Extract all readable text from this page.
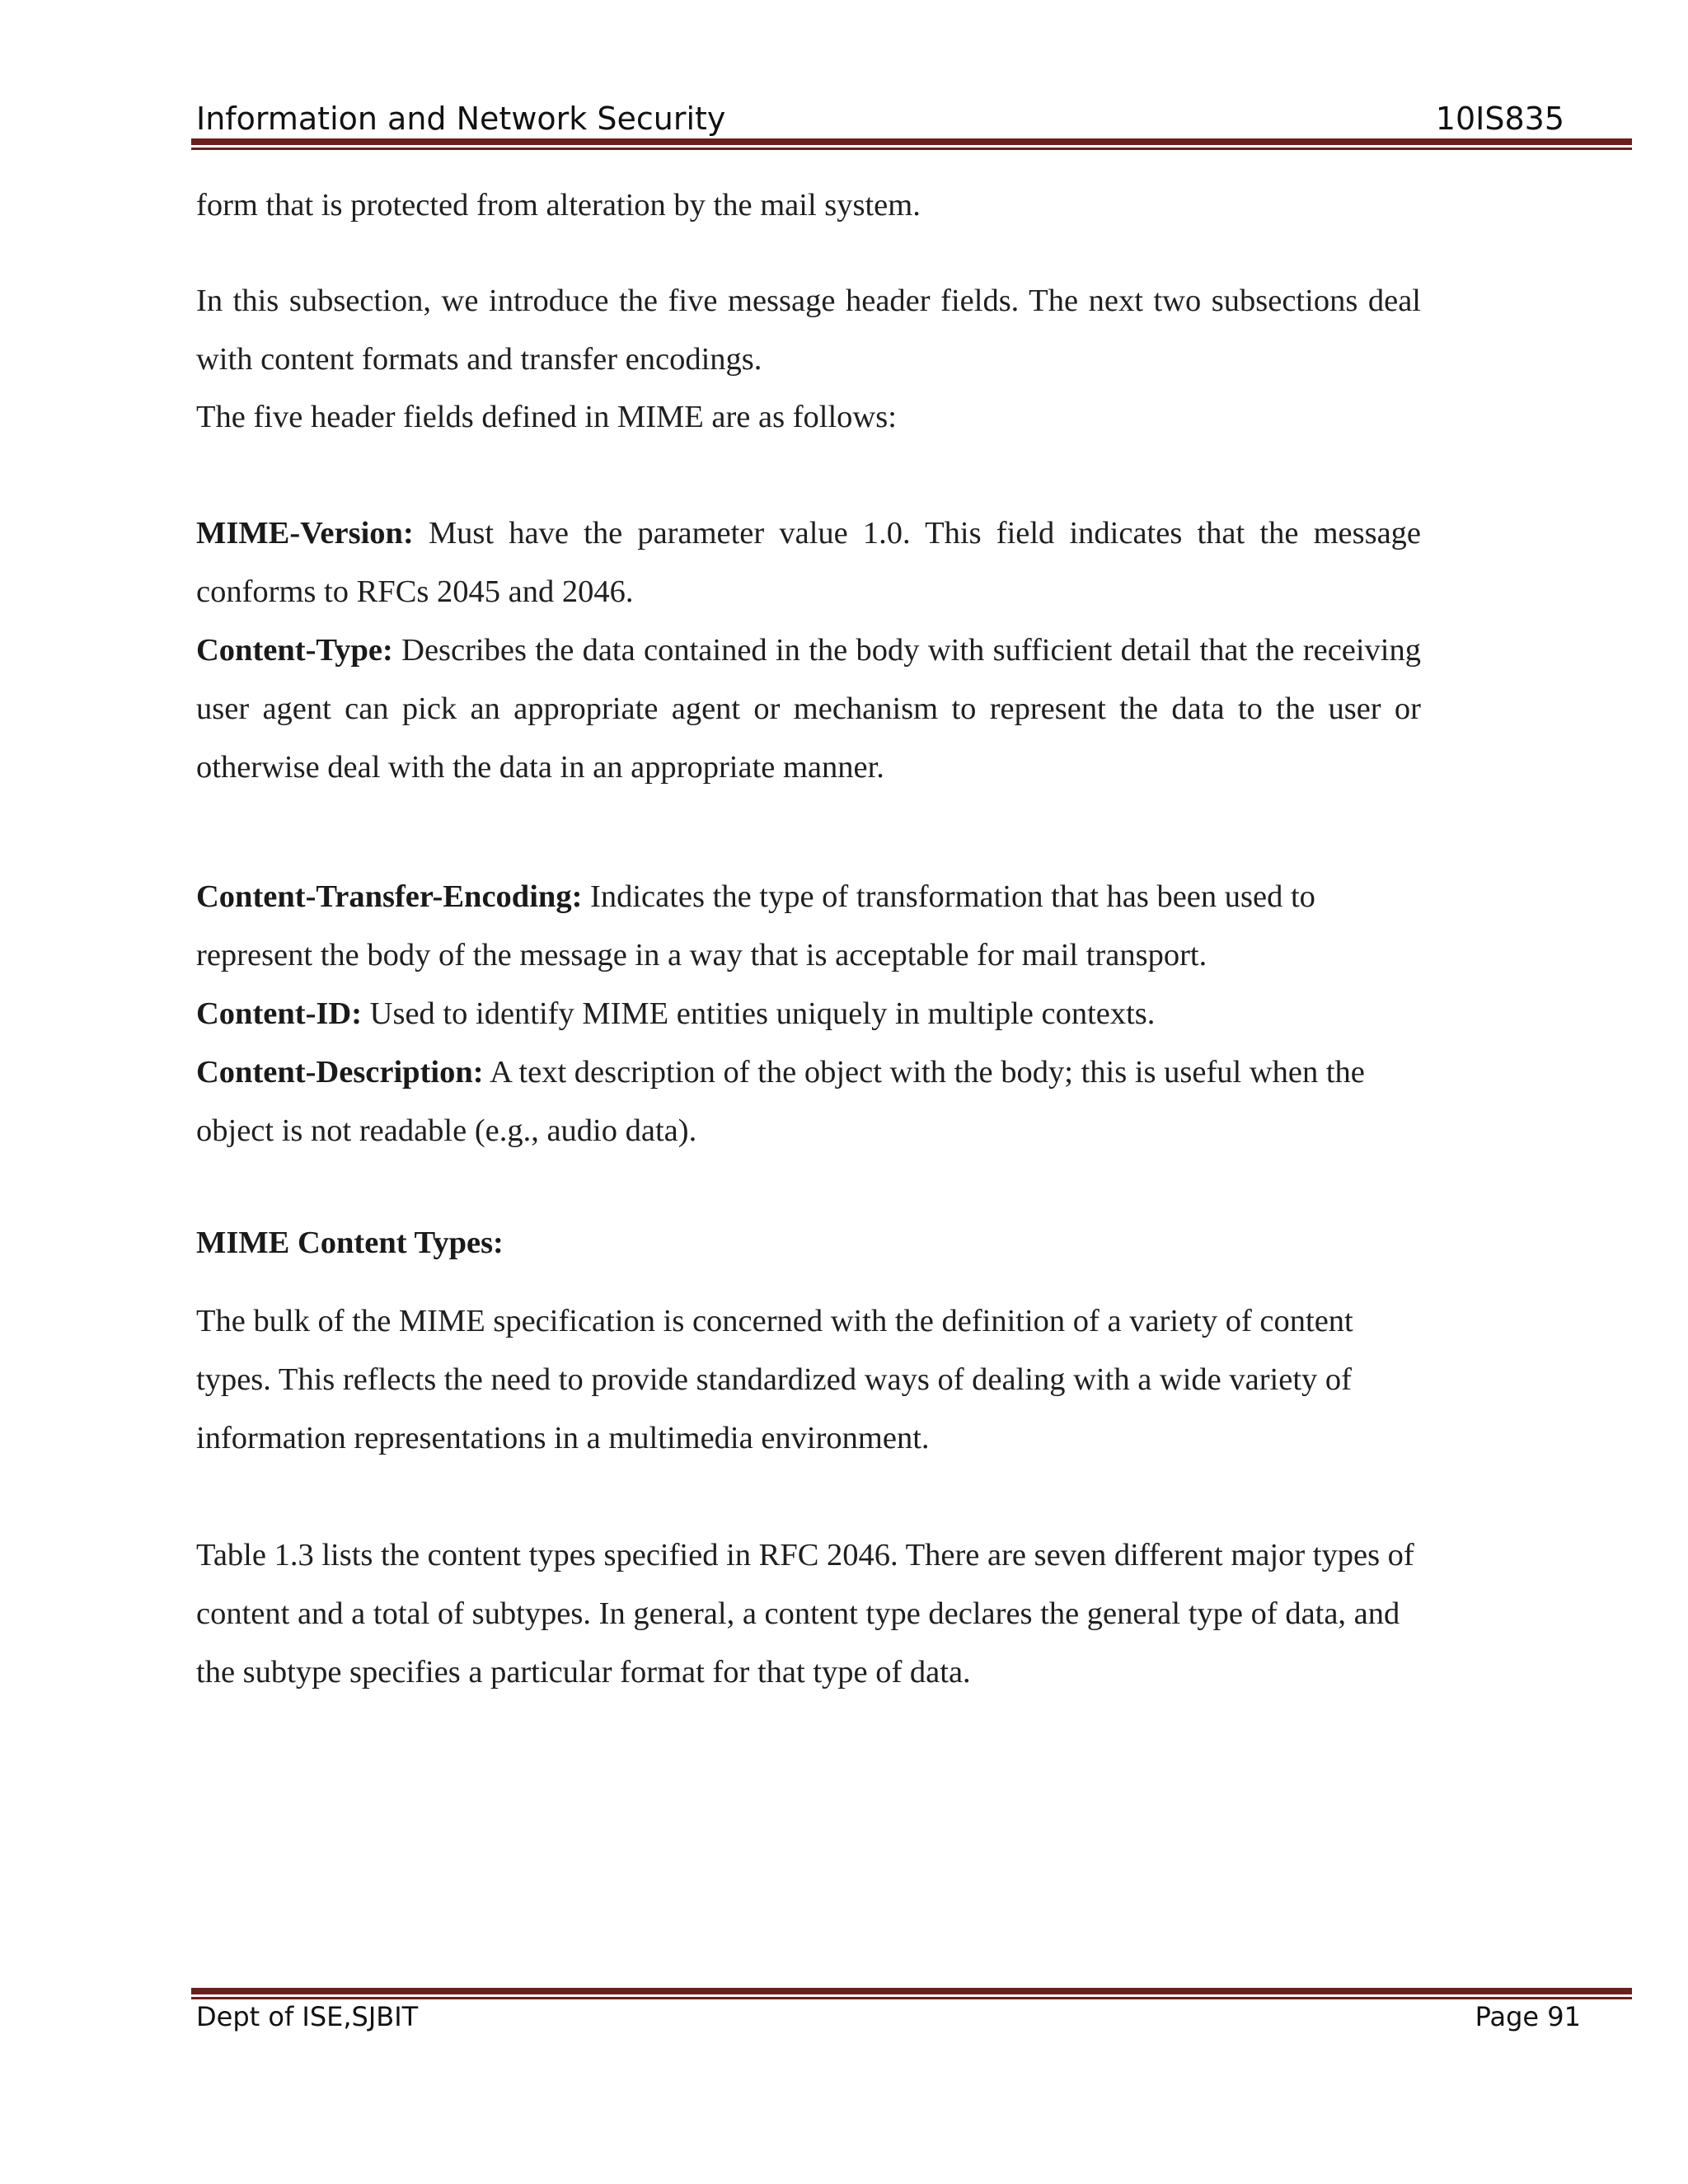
Information and Network Security	10IS835

form that is protected from alteration by the mail system.

In this subsection, we introduce the five message header fields. The next two subsections deal with content formats and transfer encodings.

The five header fields defined in MIME are as follows:

MIME-Version: Must have the parameter value 1.0. This field indicates that the message conforms to RFCs 2045 and 2046.

Content-Type: Describes the data contained in the body with sufficient detail that the receiving user agent can pick an appropriate agent or mechanism to represent the data to the user or otherwise deal with the data in an appropriate manner.

Content-Transfer-Encoding: Indicates the type of transformation that has been used to represent the body of the message in a way that is acceptable for mail transport.

Content-ID: Used to identify MIME entities uniquely in multiple contexts.

Content-Description: A text description of the object with the body; this is useful when the object is not readable (e.g., audio data).

MIME Content Types:

The bulk of the MIME specification is concerned with the definition of a variety of content types. This reflects the need to provide standardized ways of dealing with a wide variety of information representations in a multimedia environment.

Table 1.3 lists the content types specified in RFC 2046. There are seven different major types of content and a total of subtypes. In general, a content type declares the general type of data, and the subtype specifies a particular format for that type of data.

Dept of ISE,SJBIT	Page 91
